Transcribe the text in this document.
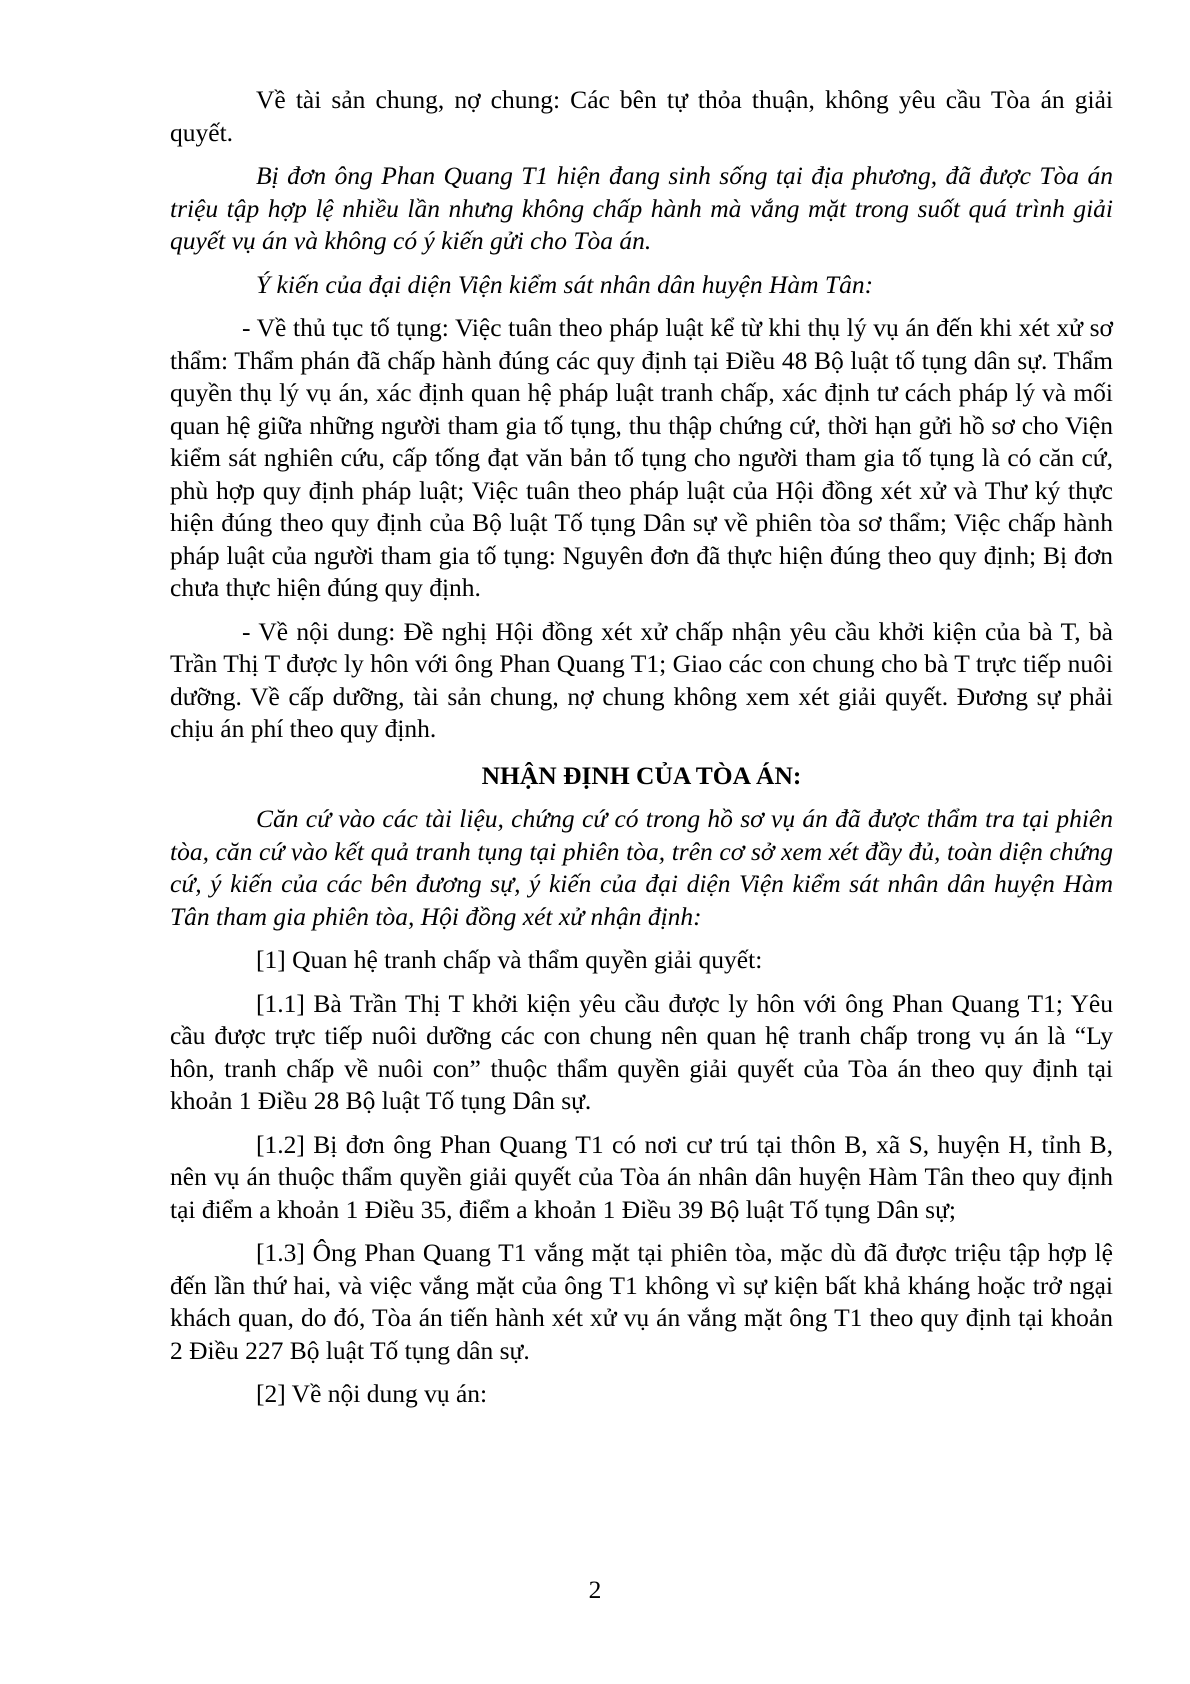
Về tài sản chung, nợ chung: Các bên tự thỏa thuận, không yêu cầu Tòa án giải quyết.

Bị đơn ông Phan Quang T1 hiện đang sinh sống tại địa phương, đã được Tòa án triệu tập hợp lệ nhiều lần nhưng không chấp hành mà vắng mặt trong suốt quá trình giải quyết vụ án và không có ý kiến gửi cho Tòa án.

Ý kiến của đại diện Viện kiểm sát nhân dân huyện Hàm Tân:

- Về thủ tục tố tụng: Việc tuân theo pháp luật kể từ khi thụ lý vụ án đến khi xét xử sơ thẩm: Thẩm phán đã chấp hành đúng các quy định tại Điều 48 Bộ luật tố tụng dân sự. Thẩm quyền thụ lý vụ án, xác định quan hệ pháp luật tranh chấp, xác định tư cách pháp lý và mối quan hệ giữa những người tham gia tố tụng, thu thập chứng cứ, thời hạn gửi hồ sơ cho Viện kiểm sát nghiên cứu, cấp tống đạt văn bản tố tụng cho người tham gia tố tụng là có căn cứ, phù hợp quy định pháp luật; Việc tuân theo pháp luật của Hội đồng xét xử và Thư ký thực hiện đúng theo quy định của Bộ luật Tố tụng Dân sự về phiên tòa sơ thẩm; Việc chấp hành pháp luật của người tham gia tố tụng: Nguyên đơn đã thực hiện đúng theo quy định; Bị đơn chưa thực hiện đúng quy định.

- Về nội dung: Đề nghị Hội đồng xét xử chấp nhận yêu cầu khởi kiện của bà T, bà Trần Thị T được ly hôn với ông Phan Quang T1; Giao các con chung cho bà T trực tiếp nuôi dưỡng. Về cấp dưỡng, tài sản chung, nợ chung không xem xét giải quyết. Đương sự phải chịu án phí theo quy định.

NHẬN ĐỊNH CỦA TÒA ÁN:

Căn cứ vào các tài liệu, chứng cứ có trong hồ sơ vụ án đã được thẩm tra tại phiên tòa, căn cứ vào kết quả tranh tụng tại phiên tòa, trên cơ sở xem xét đầy đủ, toàn diện chứng cứ, ý kiến của các bên đương sự, ý kiến của đại diện Viện kiểm sát nhân dân huyện Hàm Tân tham gia phiên tòa, Hội đồng xét xử nhận định:

[1] Quan hệ tranh chấp và thẩm quyền giải quyết:

[1.1] Bà Trần Thị T khởi kiện yêu cầu được ly hôn với ông Phan Quang T1; Yêu cầu được trực tiếp nuôi dưỡng các con chung nên quan hệ tranh chấp trong vụ án là “Ly hôn, tranh chấp về nuôi con” thuộc thẩm quyền giải quyết của Tòa án theo quy định tại khoản 1 Điều 28 Bộ luật Tố tụng Dân sự.

[1.2] Bị đơn ông Phan Quang T1 có nơi cư trú tại thôn B, xã S, huyện H, tỉnh B, nên vụ án thuộc thẩm quyền giải quyết của Tòa án nhân dân huyện Hàm Tân theo quy định tại điểm a khoản 1 Điều 35, điểm a khoản 1 Điều 39 Bộ luật Tố tụng Dân sự;

[1.3] Ông Phan Quang T1 vắng mặt tại phiên tòa, mặc dù đã được triệu tập hợp lệ đến lần thứ hai, và việc vắng mặt của ông T1 không vì sự kiện bất khả kháng hoặc trở ngại khách quan, do đó, Tòa án tiến hành xét xử vụ án vắng mặt ông T1 theo quy định tại khoản 2 Điều 227 Bộ luật Tố tụng dân sự.

[2] Về nội dung vụ án:

2
